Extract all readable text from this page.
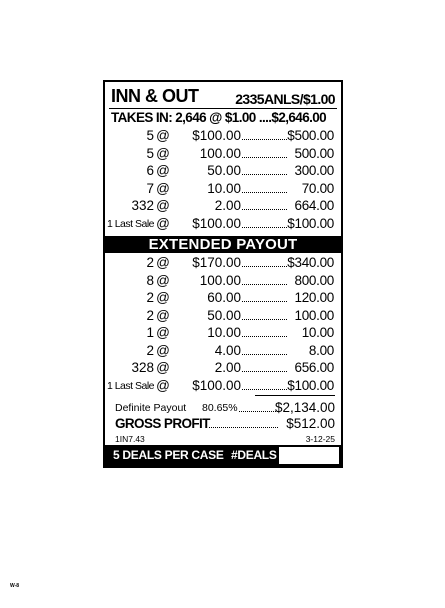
INN & OUT	2335ANLS/$1.00
TAKES IN: 2,646 @ $1.00 ....$2,646.00
5 @	$100.00	$500.00
5 @	100.00	500.00
6 @	50.00	300.00
7 @	10.00	70.00
332 @	2.00	664.00
1 Last Sale @	$100.00	$100.00
EXTENDED PAYOUT
2 @	$170.00	$340.00
8 @	100.00	800.00
2 @	60.00	120.00
2 @	50.00	100.00
1 @	10.00	10.00
2 @	4.00	8.00
328 @	2.00	656.00
1 Last Sale @	$100.00	$100.00
Definite Payout 80.65%	$2,134.00
GROSS PROFIT	$512.00
1IN7.43	3-12-25
5 DEALS PER CASE #DEALS
W-8
